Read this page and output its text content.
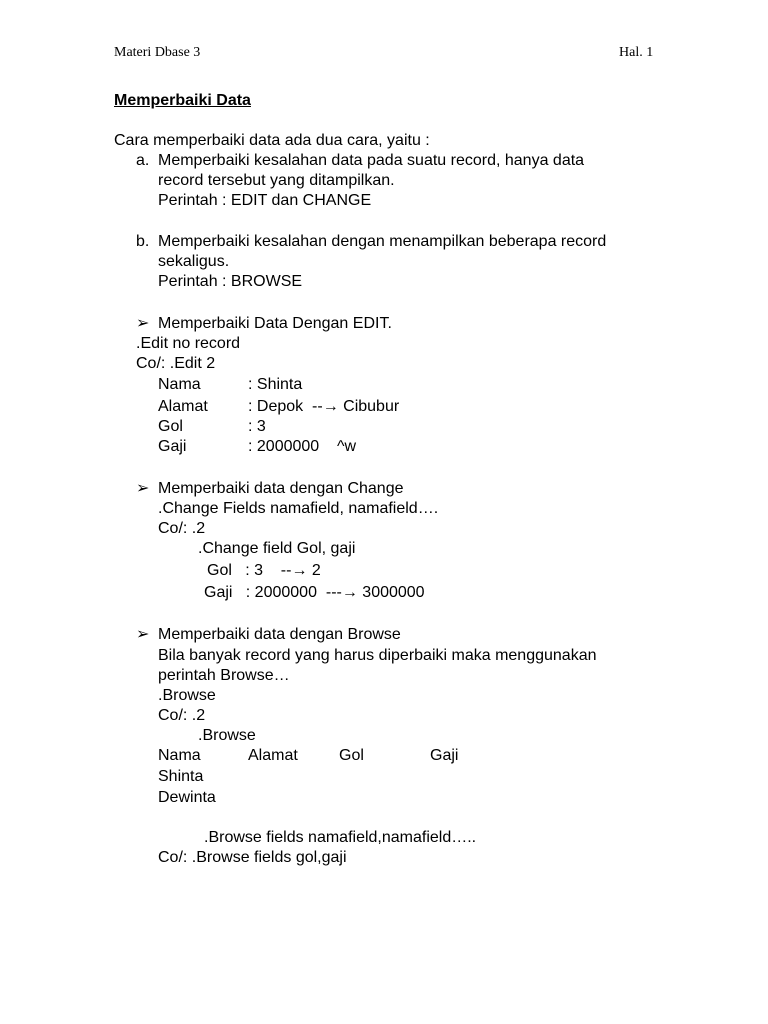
Materi Dbase 3	Hal. 1
Memperbaiki Data
Cara memperbaiki data ada dua cara, yaitu :
a. Memperbaiki kesalahan data pada suatu record, hanya data
record tersebut yang ditampilkan.
Perintah : EDIT dan CHANGE
b. Memperbaiki kesalahan dengan menampilkan beberapa record
sekaligus.
Perintah : BROWSE
➢ Memperbaiki Data Dengan EDIT.
.Edit no record
Co/: .Edit 2
Nama	: Shinta
Alamat	: Depok  --→ Cibubur
Gol	: 3
Gaji	: 2000000    ^w
➢ Memperbaiki data dengan Change
.Change Fields namafield, namafield….
Co/: .2
.Change field Gol, gaji
Gol   : 3    --→ 2
Gaji   : 2000000  ---→ 3000000
➢ Memperbaiki data dengan Browse
Bila banyak record yang harus diperbaiki maka menggunakan
perintah Browse…
.Browse
Co/: .2
.Browse
Nama	Alamat	Gol	Gaji
Shinta
Dewinta
.Browse fields namafield,namafield…..
Co/: .Browse fields gol,gaji
